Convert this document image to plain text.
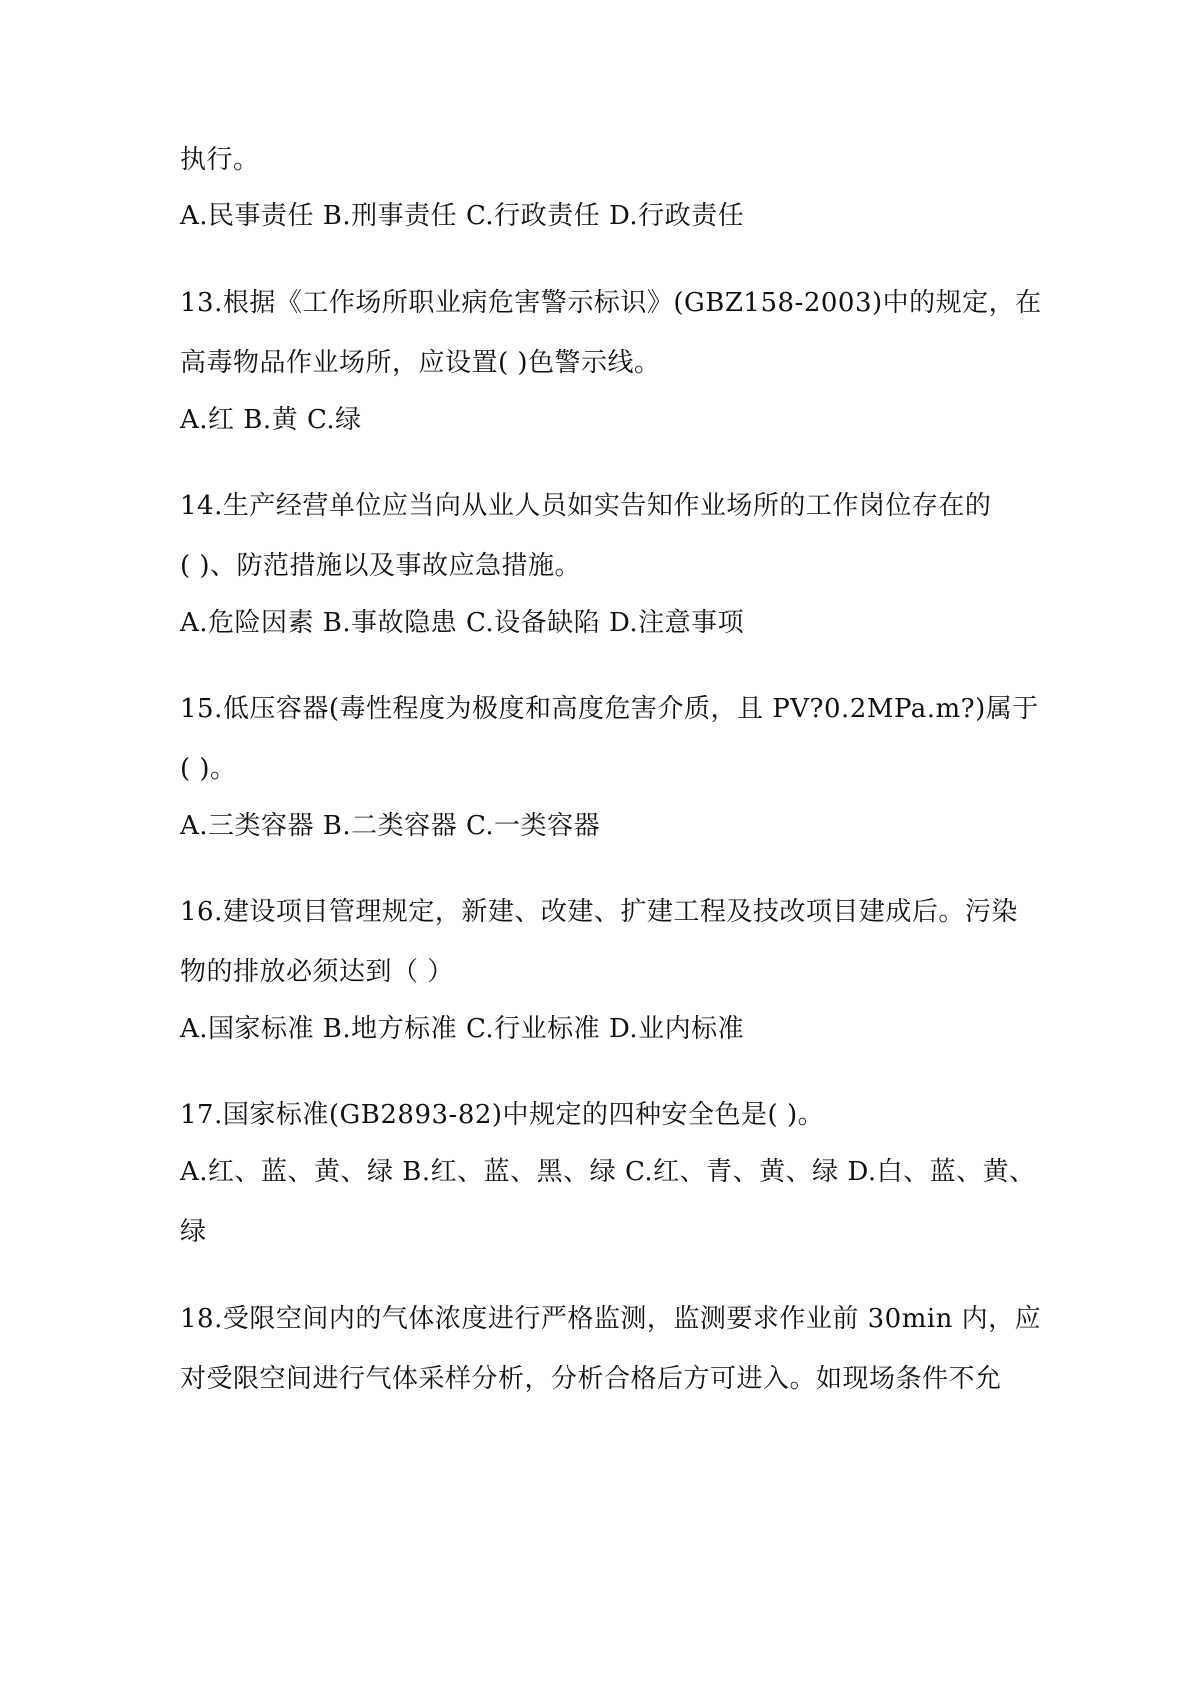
执行。
A.民事责任 B.刑事责任 C.行政责任 D.行政责任
13.根据《工作场所职业病危害警示标识》(GBZ158-2003)中的规定，在
高毒物品作业场所，应设置( )色警示线。
A.红 B.黄 C.绿
14.生产经营单位应当向从业人员如实告知作业场所的工作岗位存在的
( )、防范措施以及事故应急措施。
A.危险因素 B.事故隐患 C.设备缺陷 D.注意事项
15.低压容器(毒性程度为极度和高度危害介质，且 PV?0.2MPa.m?)属于
( )。
A.三类容器 B.二类容器 C.一类容器
16.建设项目管理规定，新建、改建、扩建工程及技改项目建成后。污染
物的排放必须达到（ ）
A.国家标准 B.地方标准 C.行业标准 D.业内标准
17.国家标准(GB2893-82)中规定的四种安全色是( )。
A.红、蓝、黄、绿 B.红、蓝、黑、绿 C.红、青、黄、绿 D.白、蓝、黄、
绿
18.受限空间内的气体浓度进行严格监测，监测要求作业前 30min 内，应
对受限空间进行气体采样分析，分析合格后方可进入。如现场条件不允
